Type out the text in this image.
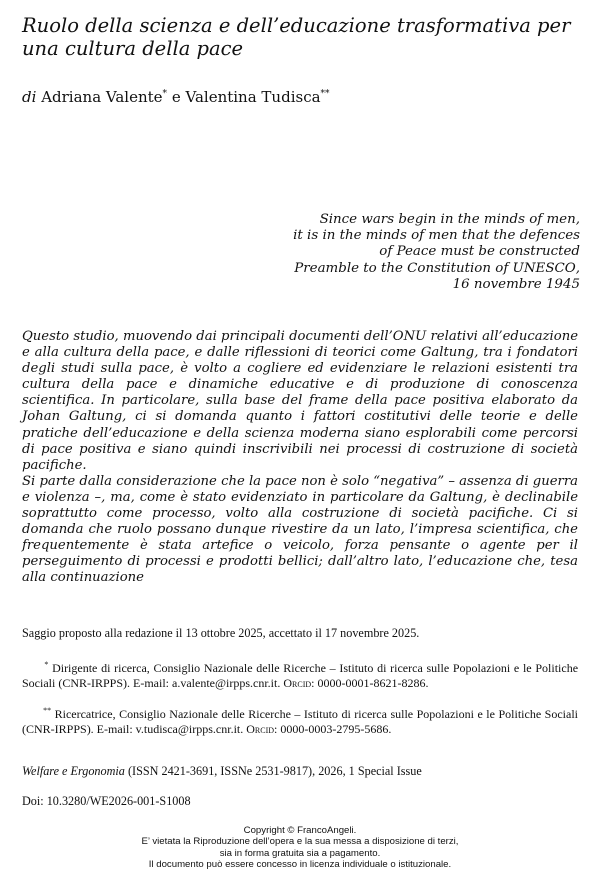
Ruolo della scienza e dell’educazione trasformativa per una cultura della pace
di Adriana Valente* e Valentina Tudisca**
Since wars begin in the minds of men,
it is in the minds of men that the defences
of Peace must be constructed
Preamble to the Constitution of UNESCO,
16 novembre 1945

Questo studio, muovendo dai principali documenti dell’ONU relativi all’educazione e alla cultura della pace, e dalle riflessioni di teorici come Galtung, tra i fondatori degli studi sulla pace, è volto a cogliere ed evidenziare le relazioni esistenti tra cultura della pace e dinamiche educative e di produzione di conoscenza scientifica. In particolare, sulla base del frame della pace positiva elaborato da Johan Galtung, ci si domanda quanto i fattori costitutivi delle teorie e delle pratiche dell’educazione e della scienza moderna siano esplorabili come percorsi di pace positiva e siano quindi inscrivibili nei processi di costruzione di società pacifiche.

Si parte dalla considerazione che la pace non è solo “negativa” – assenza di guerra e violenza –, ma, come è stato evidenziato in particolare da Galtung, è declinabile soprattutto come processo, volto alla costruzione di società pacifiche. Ci si domanda che ruolo possano dunque rivestire da un lato, l’impresa scientifica, che frequentemente è stata artefice o veicolo, forza pensante o agente per il perseguimento di processi e prodotti bellici; dall’altro lato, l’educazione che, tesa alla continuazione

Saggio proposto alla redazione il 13 ottobre 2025, accettato il 17 novembre 2025.
* Dirigente di ricerca, Consiglio Nazionale delle Ricerche – Istituto di ricerca sulle Popolazioni e le Politiche Sociali (CNR-IRPPS). E-mail: a.valente@irpps.cnr.it. Orcid: 0000-0001-8621-8286.
** Ricercatrice, Consiglio Nazionale delle Ricerche – Istituto di ricerca sulle Popolazioni e le Politiche Sociali (CNR-IRPPS). E-mail: v.tudisca@irpps.cnr.it. Orcid: 0000-0003-2795-5686.
Welfare e Ergonomia (ISSN 2421-3691, ISSNe 2531-9817), 2026, 1 Special Issue
Doi: 10.3280/WE2026-001-S1008
Copyright © FrancoAngeli.
E’ vietata la Riproduzione dell’opera e la sua messa a disposizione di terzi,
sia in forma gratuita sia a pagamento.
Il documento può essere concesso in licenza individuale o istituzionale.
